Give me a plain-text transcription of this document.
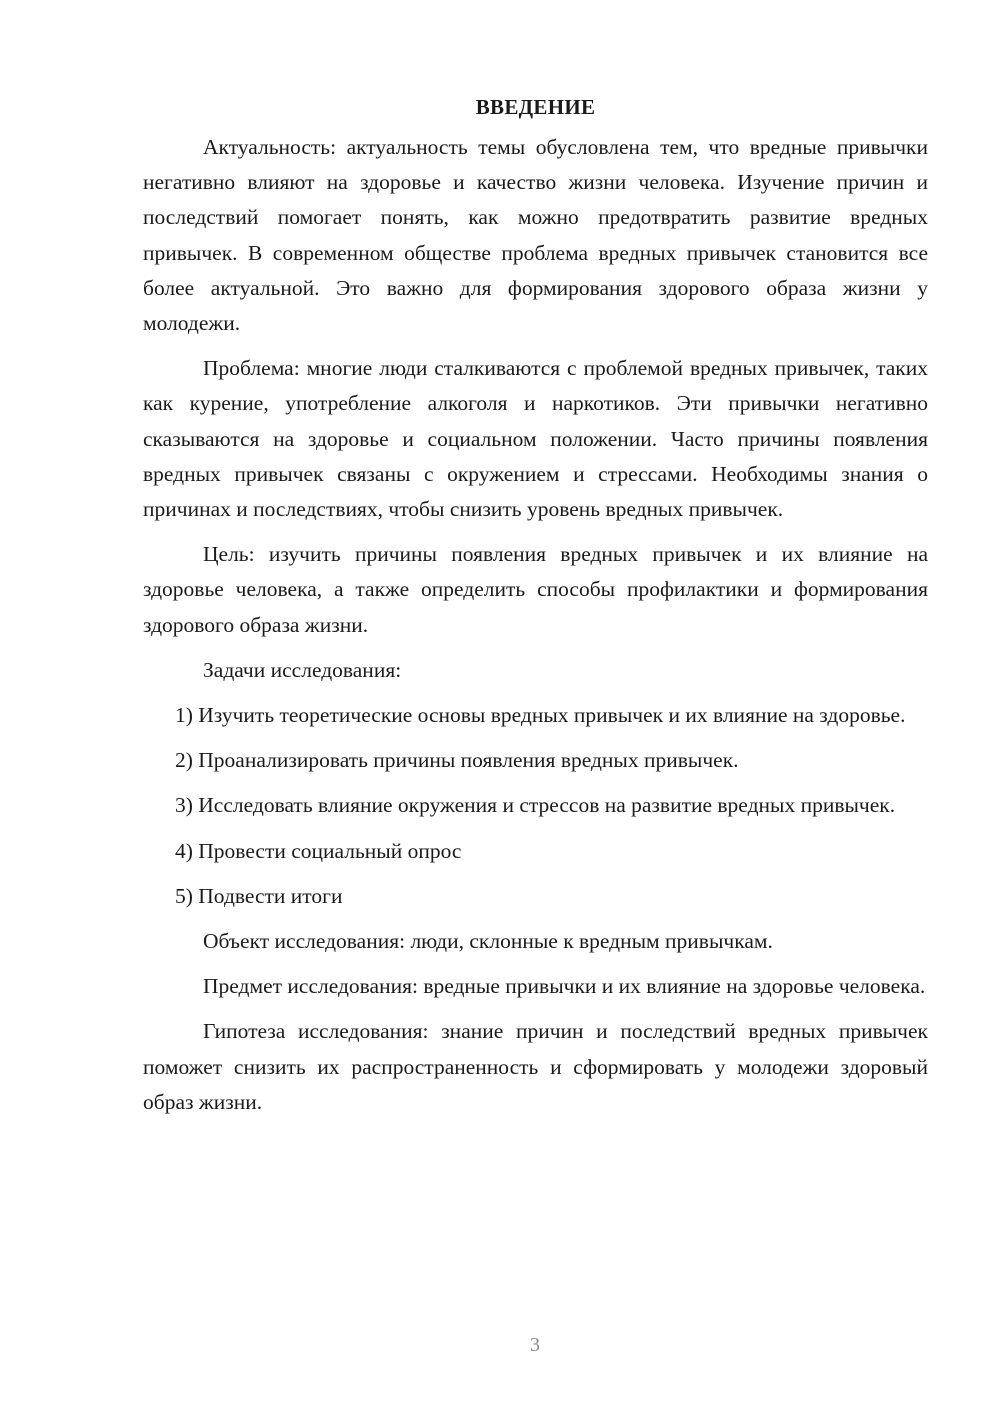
ВВЕДЕНИЕ

Актуальность: актуальность темы обусловлена тем, что вредные привычки негативно влияют на здоровье и качество жизни человека. Изучение причин и последствий помогает понять, как можно предотвратить развитие вредных привычек. В современном обществе проблема вредных привычек становится все более актуальной. Это важно для формирования здорового образа жизни у молодежи.

Проблема: многие люди сталкиваются с проблемой вредных привычек, таких как курение, употребление алкоголя и наркотиков. Эти привычки негативно сказываются на здоровье и социальном положении. Часто причины появления вредных привычек связаны с окружением и стрессами. Необходимы знания о причинах и последствиях, чтобы снизить уровень вредных привычек.

Цель: изучить причины появления вредных привычек и их влияние на здоровье человека, а также определить способы профилактики и формирования здорового образа жизни.

Задачи исследования:

1) Изучить теоретические основы вредных привычек и их влияние на здоровье.

2) Проанализировать причины появления вредных привычек.

3) Исследовать влияние окружения и стрессов на развитие вредных привычек.

4) Провести социальный опрос

5) Подвести итоги

Объект исследования: люди, склонные к вредным привычкам.

Предмет исследования: вредные привычки и их влияние на здоровье человека.

Гипотеза исследования: знание причин и последствий вредных привычек поможет снизить их распространенность и сформировать у молодежи здоровый образ жизни.

3
